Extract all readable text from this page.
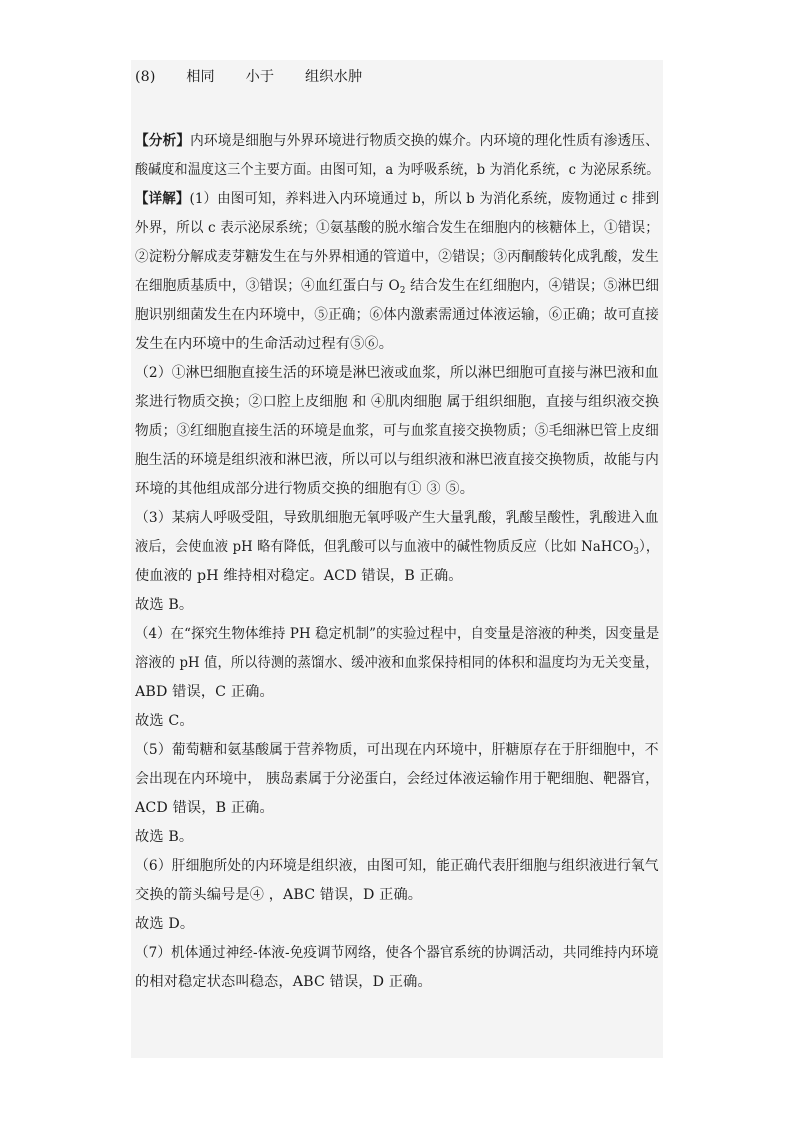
(8) 相同 小于 组织水肿
【分析】内环境是细胞与外界环境进行物质交换的媒介。内环境的理化性质有渗透压、
酸碱度和温度这三个主要方面。由图可知，a 为呼吸系统，b 为消化系统，c 为泌尿系统。
【详解】(1）由图可知，养料进入内环境通过 b，所以 b 为消化系统，废物通过 c 排到
外界，所以 c 表示泌尿系统；①氨基酸的脱水缩合发生在细胞内的核糖体上，①错误；
②淀粉分解成麦芽糖发生在与外界相通的管道中，②错误；③丙酮酸转化成乳酸，发生
在细胞质基质中，③错误；④血红蛋白与 $O_2$ 结合发生在红细胞内，④错误；⑤淋巴细
胞识别细菌发生在内环境中，⑤正确；⑥体内激素需通过体液运输，⑥正确；故可直接
发生在内环境中的生命活动过程有⑤⑥。
（2）①淋巴细胞直接生活的环境是淋巴液或血浆，所以淋巴细胞可直接与淋巴液和血
浆进行物质交换；②口腔上皮细胞 和 ④肌肉细胞 属于组织细胞，直接与组织液交换
物质；③红细胞直接生活的环境是血浆，可与血浆直接交换物质；⑤毛细淋巴管上皮细
胞生活的环境是组织液和淋巴液，所以可以与组织液和淋巴液直接交换物质，故能与内
环境的其他组成部分进行物质交换的细胞有① ③ ⑤。
（3）某病人呼吸受阻，导致肌细胞无氧呼吸产生大量乳酸，乳酸呈酸性，乳酸进入血
液后，会使血液 pH 略有降低，但乳酸可以与血液中的碱性物质反应（比如 NaHCO$_3$），
使血液的 pH 维持相对稳定。ACD 错误，B 正确。
故选 B。
（4）在“探究生物体维持 PH 稳定机制”的实验过程中，自变量是溶液的种类，因变量是
溶液的 pH 值，所以待测的蒸馏水、缓冲液和血浆保持相同的体积和温度均为无关变量，
ABD 错误，C 正确。
故选 C。
（5）葡萄糖和氨基酸属于营养物质，可出现在内环境中，肝糖原存在于肝细胞中，不
会出现在内环境中， 胰岛素属于分泌蛋白，会经过体液运输作用于靶细胞、靶器官，
ACD 错误，B 正确。
故选 B。
（6）肝细胞所处的内环境是组织液，由图可知，能正确代表肝细胞与组织液进行氧气
交换的箭头编号是④ ，ABC 错误，D 正确。
故选 D。
（7）机体通过神经-体液-免疫调节网络，使各个器官系统的协调活动，共同维持内环境
的相对稳定状态叫稳态，ABC 错误，D 正确。
